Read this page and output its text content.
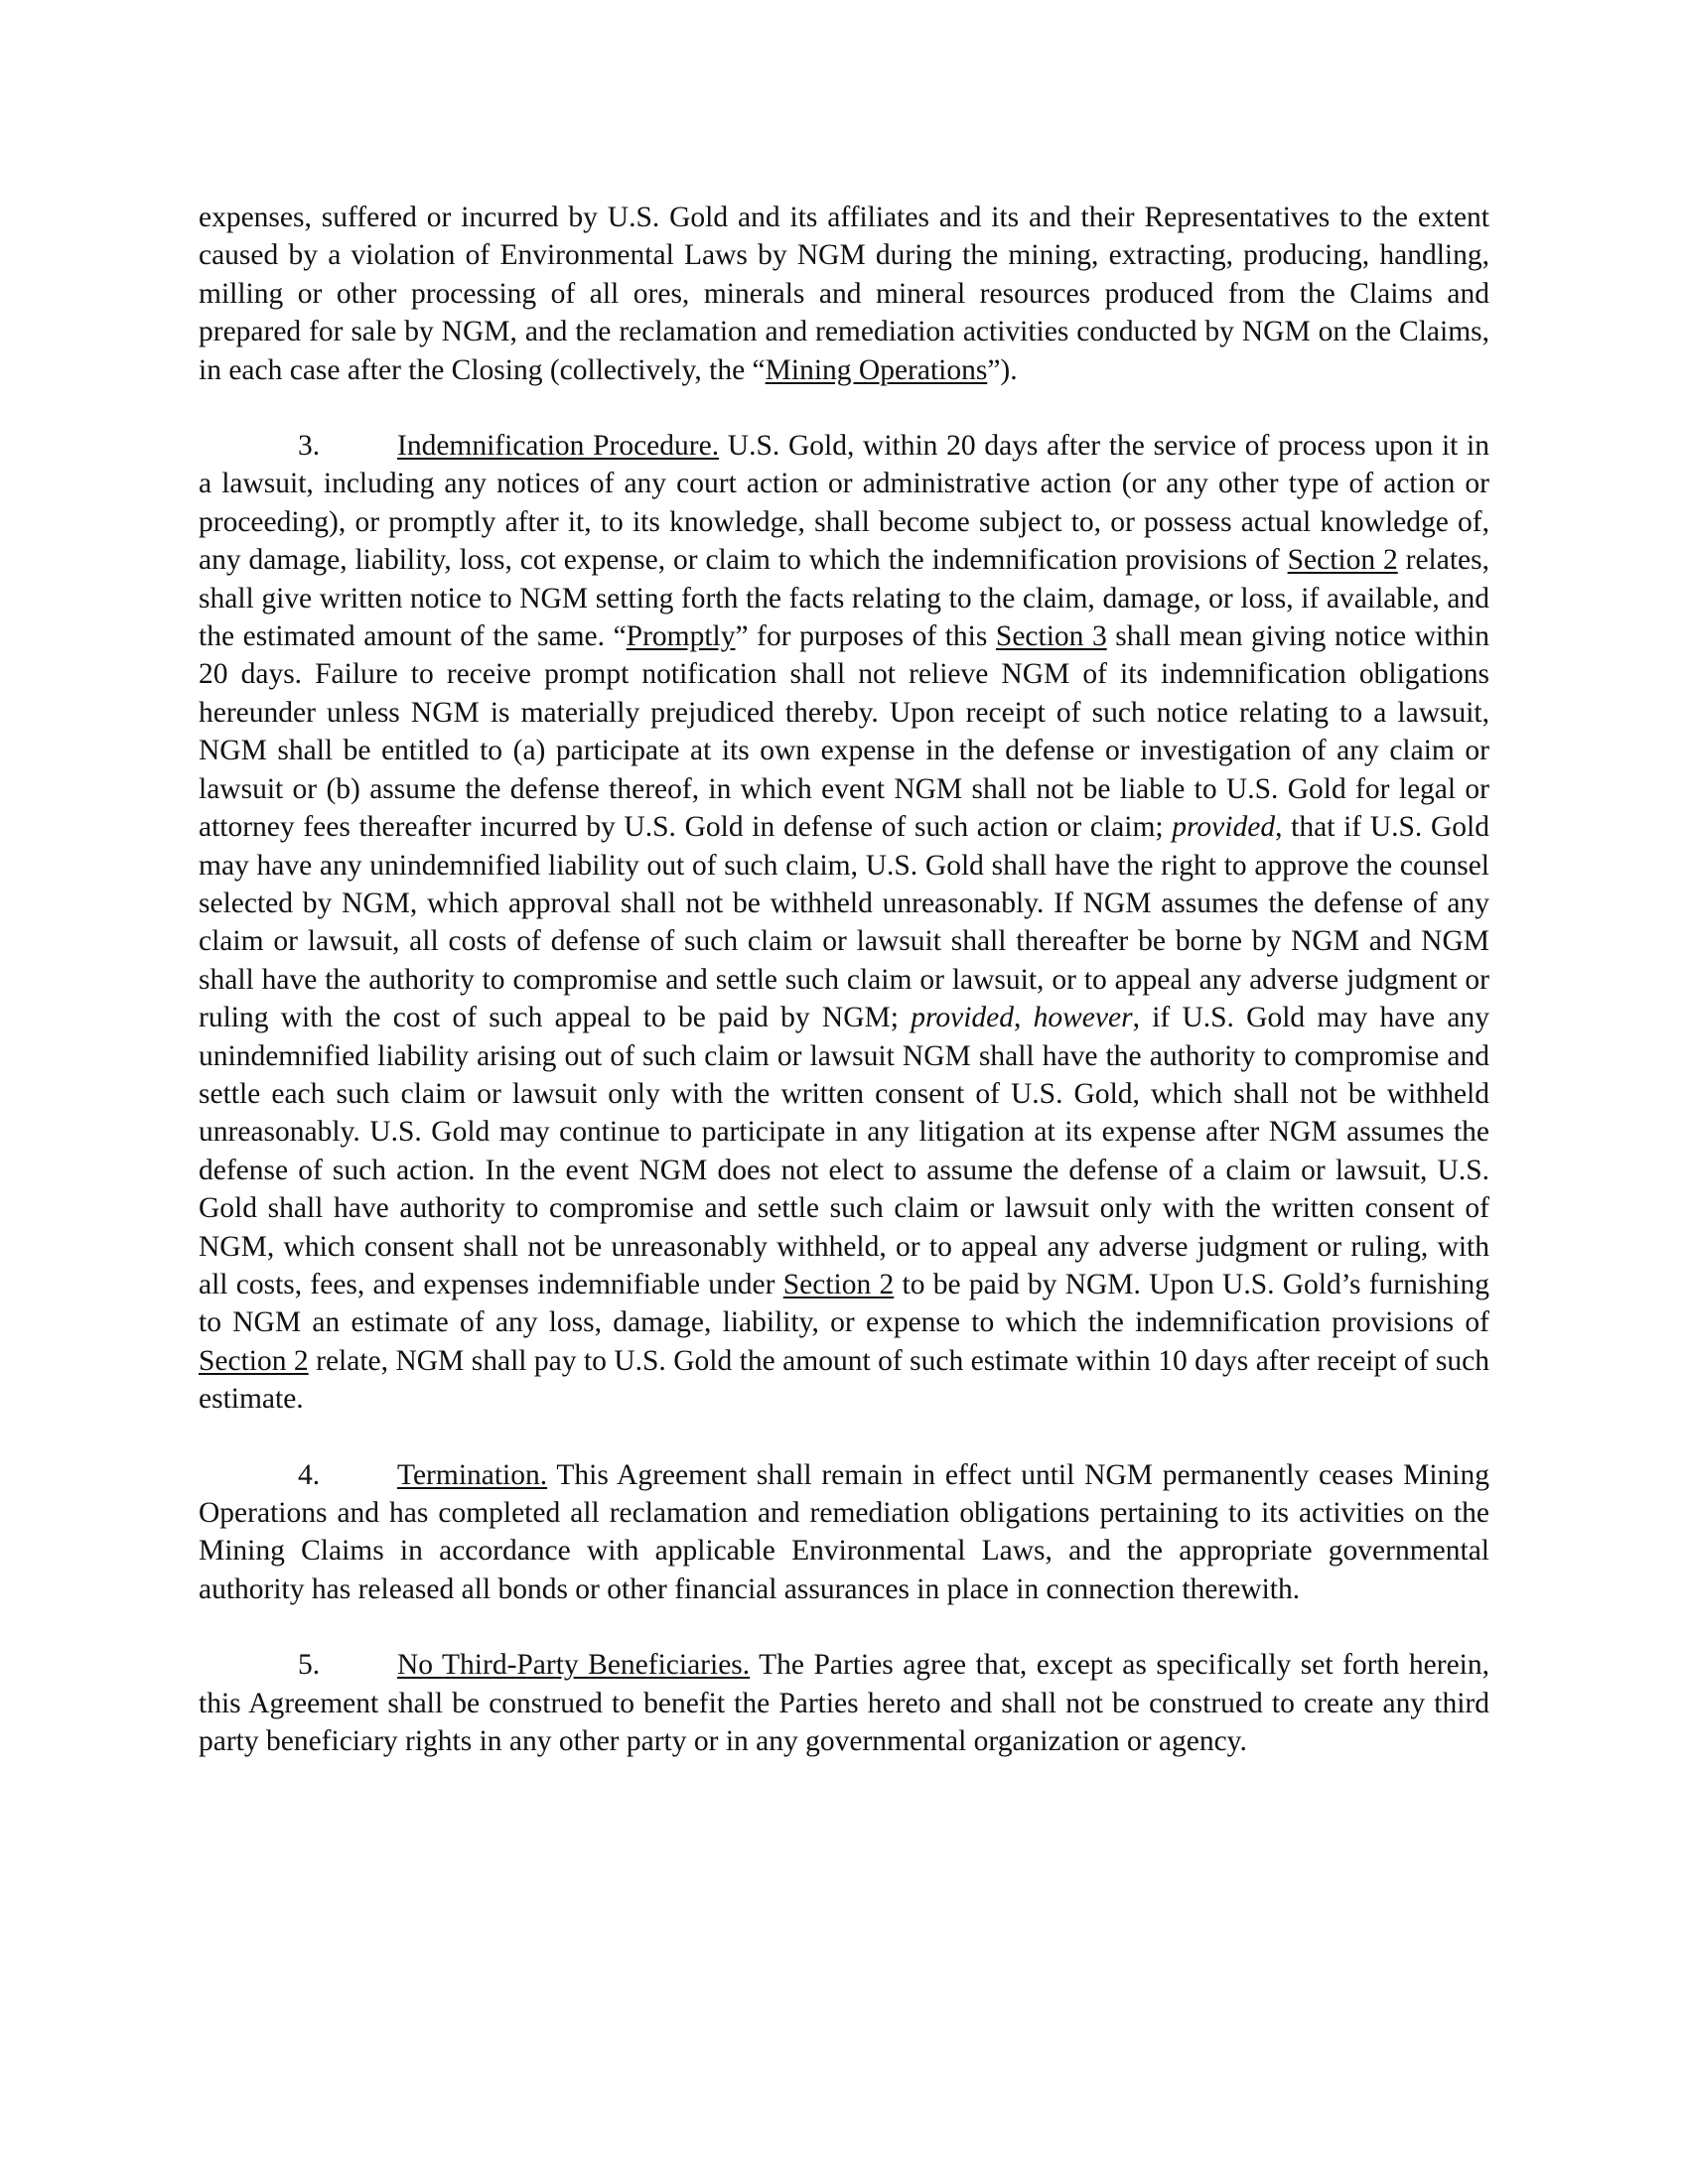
expenses, suffered or incurred by U.S. Gold and its affiliates and its and their Representatives to the extent caused by a violation of Environmental Laws by NGM during the mining, extracting, producing, handling, milling or other processing of all ores, minerals and mineral resources produced from the Claims and prepared for sale by NGM, and the reclamation and remediation activities conducted by NGM on the Claims, in each case after the Closing (collectively, the “Mining Operations”).

3.	Indemnification Procedure. U.S. Gold, within 20 days after the service of process upon it in a lawsuit, including any notices of any court action or administrative action (or any other type of action or proceeding), or promptly after it, to its knowledge, shall become subject to, or possess actual knowledge of, any damage, liability, loss, cot expense, or claim to which the indemnification provisions of Section 2 relates, shall give written notice to NGM setting forth the facts relating to the claim, damage, or loss, if available, and the estimated amount of the same. “Promptly” for purposes of this Section 3 shall mean giving notice within 20 days. Failure to receive prompt notification shall not relieve NGM of its indemnification obligations hereunder unless NGM is materially prejudiced thereby. Upon receipt of such notice relating to a lawsuit, NGM shall be entitled to (a) participate at its own expense in the defense or investigation of any claim or lawsuit or (b) assume the defense thereof, in which event NGM shall not be liable to U.S. Gold for legal or attorney fees thereafter incurred by U.S. Gold in defense of such action or claim; provided, that if U.S. Gold may have any unindemnified liability out of such claim, U.S. Gold shall have the right to approve the counsel selected by NGM, which approval shall not be withheld unreasonably. If NGM assumes the defense of any claim or lawsuit, all costs of defense of such claim or lawsuit shall thereafter be borne by NGM and NGM shall have the authority to compromise and settle such claim or lawsuit, or to appeal any adverse judgment or ruling with the cost of such appeal to be paid by NGM; provided, however, if U.S. Gold may have any unindemnified liability arising out of such claim or lawsuit NGM shall have the authority to compromise and settle each such claim or lawsuit only with the written consent of U.S. Gold, which shall not be withheld unreasonably. U.S. Gold may continue to participate in any litigation at its expense after NGM assumes the defense of such action. In the event NGM does not elect to assume the defense of a claim or lawsuit, U.S. Gold shall have authority to compromise and settle such claim or lawsuit only with the written consent of NGM, which consent shall not be unreasonably withheld, or to appeal any adverse judgment or ruling, with all costs, fees, and expenses indemnifiable under Section 2 to be paid by NGM. Upon U.S. Gold’s furnishing to NGM an estimate of any loss, damage, liability, or expense to which the indemnification provisions of Section 2 relate, NGM shall pay to U.S. Gold the amount of such estimate within 10 days after receipt of such estimate.

4.	Termination. This Agreement shall remain in effect until NGM permanently ceases Mining Operations and has completed all reclamation and remediation obligations pertaining to its activities on the Mining Claims in accordance with applicable Environmental Laws, and the appropriate governmental authority has released all bonds or other financial assurances in place in connection therewith.

5.	No Third-Party Beneficiaries. The Parties agree that, except as specifically set forth herein, this Agreement shall be construed to benefit the Parties hereto and shall not be construed to create any third party beneficiary rights in any other party or in any governmental organization or agency.
